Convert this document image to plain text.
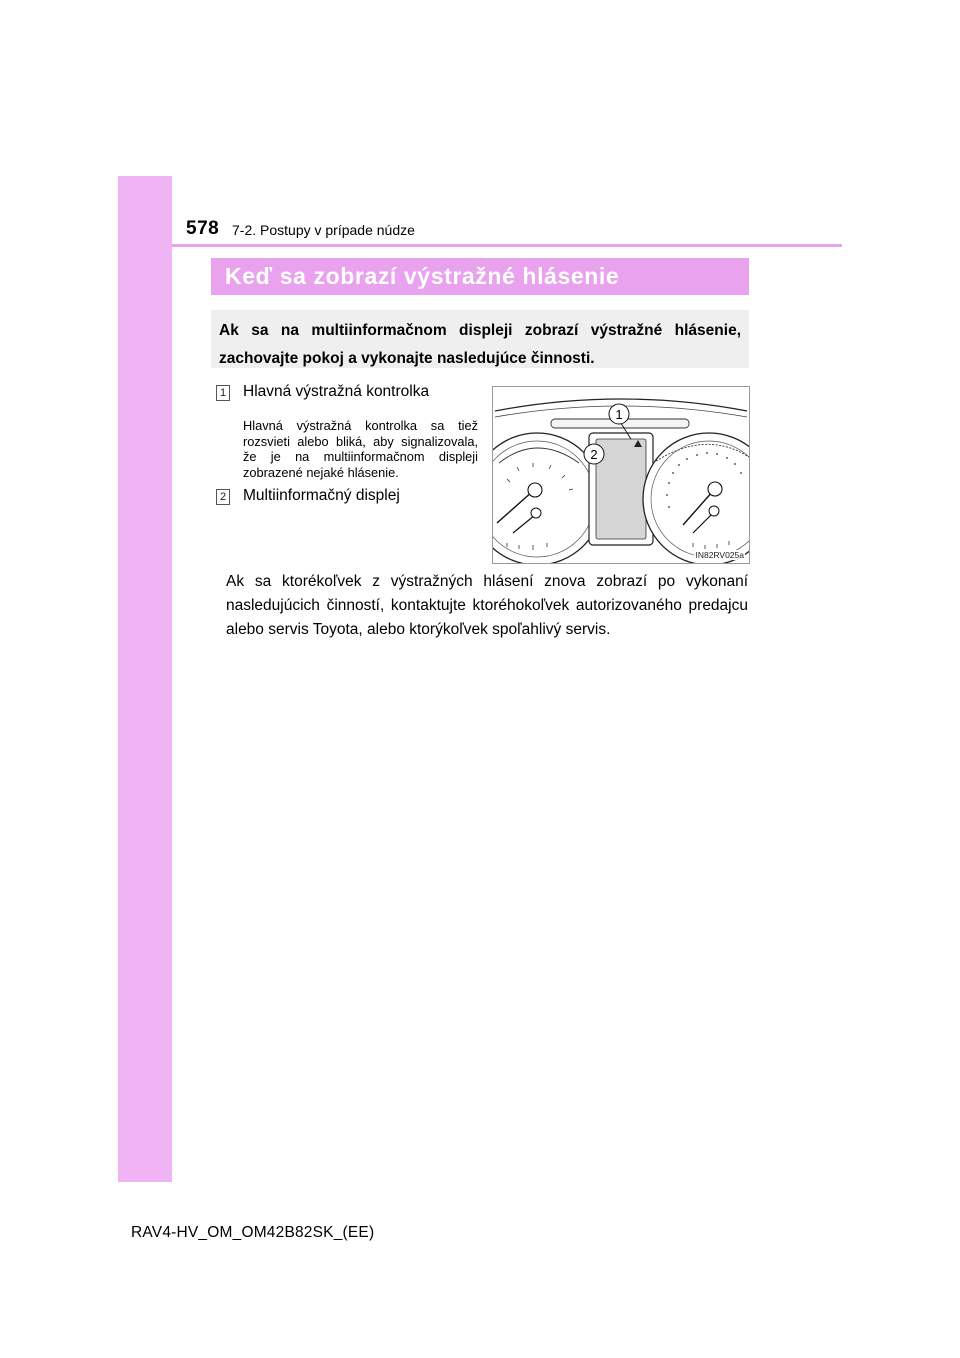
578 7-2. Postupy v prípade núdze
Keď sa zobrazí výstražné hlásenie
Ak sa na multiinformačnom displeji zobrazí výstražné hlásenie, zachovajte pokoj a vykonajte nasledujúce činnosti.
1 Hlavná výstražná kontrolka
Hlavná výstražná kontrolka sa tiež rozsvieti alebo bliká, aby signalizovala, že je na multiinformačnom displeji zobrazené nejaké hlásenie.
2 Multiinformačný displej
1
2
IN82RV025a
Ak sa ktorékoľvek z výstražných hlásení znova zobrazí po vykonaní nasledujúcich činností, kontaktujte ktoréhokoľvek autorizovaného predajcu alebo servis Toyota, alebo ktorýkoľvek spoľahlivý servis.
RAV4-HV_OM_OM42B82SK_(EE)
